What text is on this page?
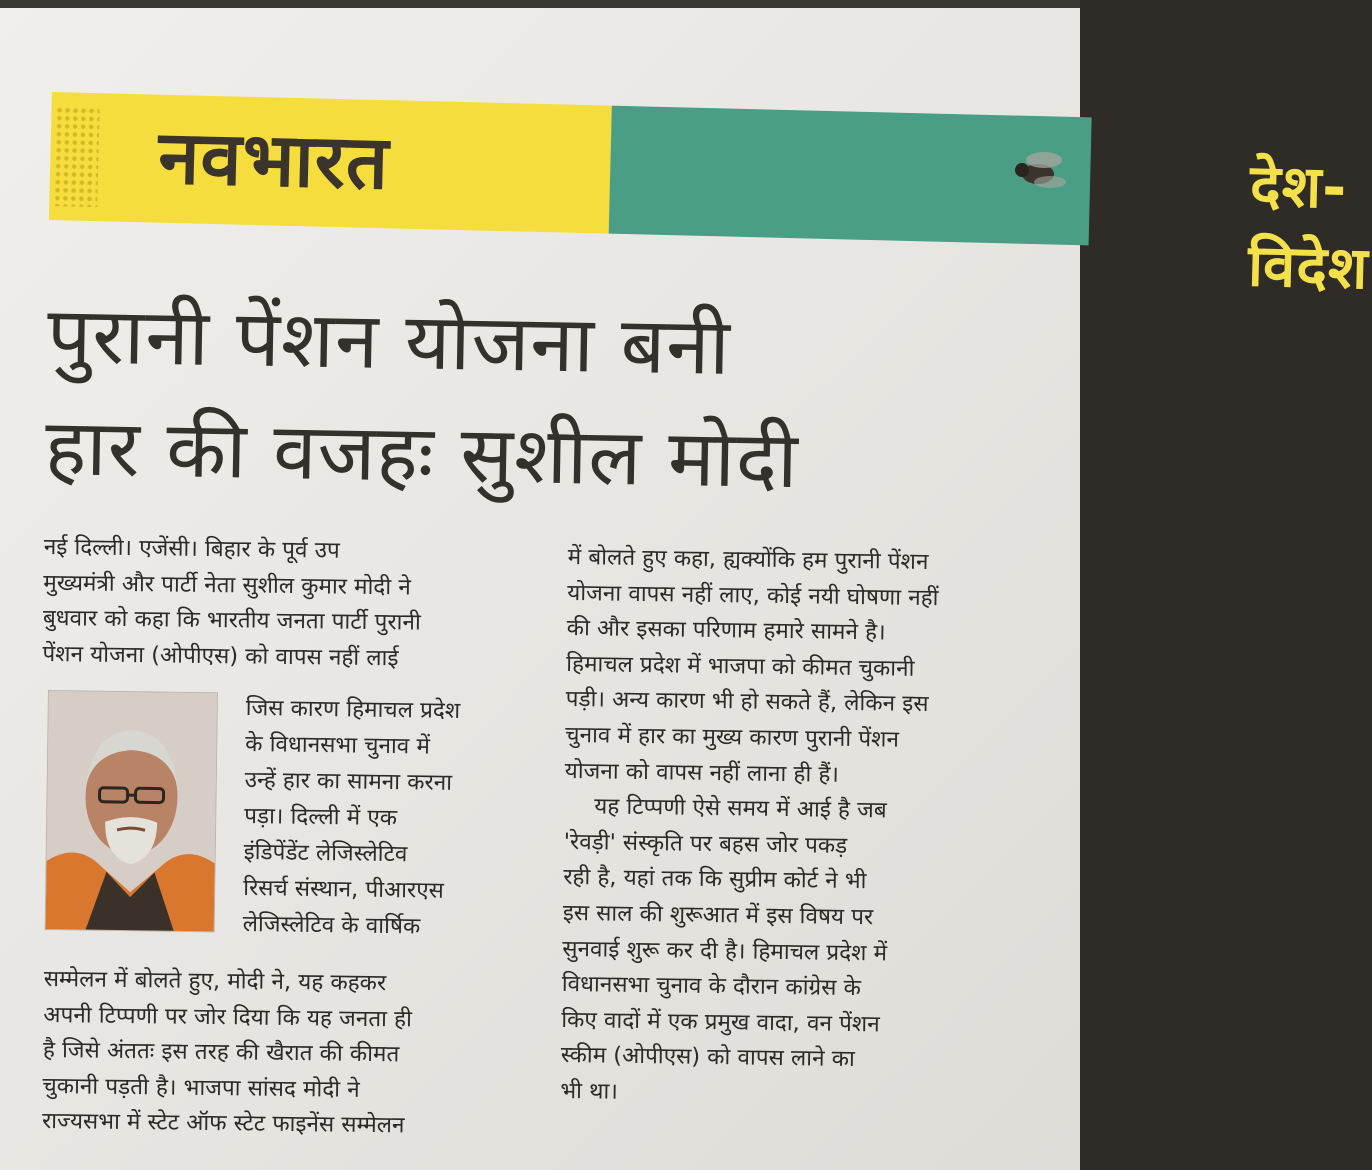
नवभारत	देश-विदेश
पुरानी पेंशन योजना बनी
हार की वजहः सुशील मोदी
नई दिल्ली। एजेंसी। बिहार के पूर्व उप
मुख्यमंत्री और पार्टी नेता सुशील कुमार मोदी ने
बुधवार को कहा कि भारतीय जनता पार्टी पुरानी
पेंशन योजना (ओपीएस) को वापस नहीं लाई
जिस कारण हिमाचल प्रदेश
के विधानसभा चुनाव में
उन्हें हार का सामना करना
पड़ा। दिल्ली में एक
इंडिपेंडेंट लेजिस्लेटिव
रिसर्च संस्थान, पीआरएस
लेजिस्लेटिव के वार्षिक
सम्मेलन में बोलते हुए, मोदी ने, यह कहकर
अपनी टिप्पणी पर जोर दिया कि यह जनता ही
है जिसे अंततः इस तरह की खैरात की कीमत
चुकानी पड़ती है। भाजपा सांसद मोदी ने
राज्यसभा में स्टेट ऑफ स्टेट फाइनेंस सम्मेलन
में बोलते हुए कहा, ह्यक्योंकि हम पुरानी पेंशन
योजना वापस नहीं लाए, कोई नयी घोषणा नहीं
की और इसका परिणाम हमारे सामने है।
हिमाचल प्रदेश में भाजपा को कीमत चुकानी
पड़ी। अन्य कारण भी हो सकते हैं, लेकिन इस
चुनाव में हार का मुख्य कारण पुरानी पेंशन
योजना को वापस नहीं लाना ही हैं।
यह टिप्पणी ऐसे समय में आई है जब
'रेवड़ी' संस्कृति पर बहस जोर पकड़
रही है, यहां तक कि सुप्रीम कोर्ट ने भी
इस साल की शुरूआत में इस विषय पर
सुनवाई शुरू कर दी है। हिमाचल प्रदेश में
विधानसभा चुनाव के दौरान कांग्रेस के
किए वादों में एक प्रमुख वादा, वन पेंशन
स्कीम (ओपीएस) को वापस लाने का
भी था।
